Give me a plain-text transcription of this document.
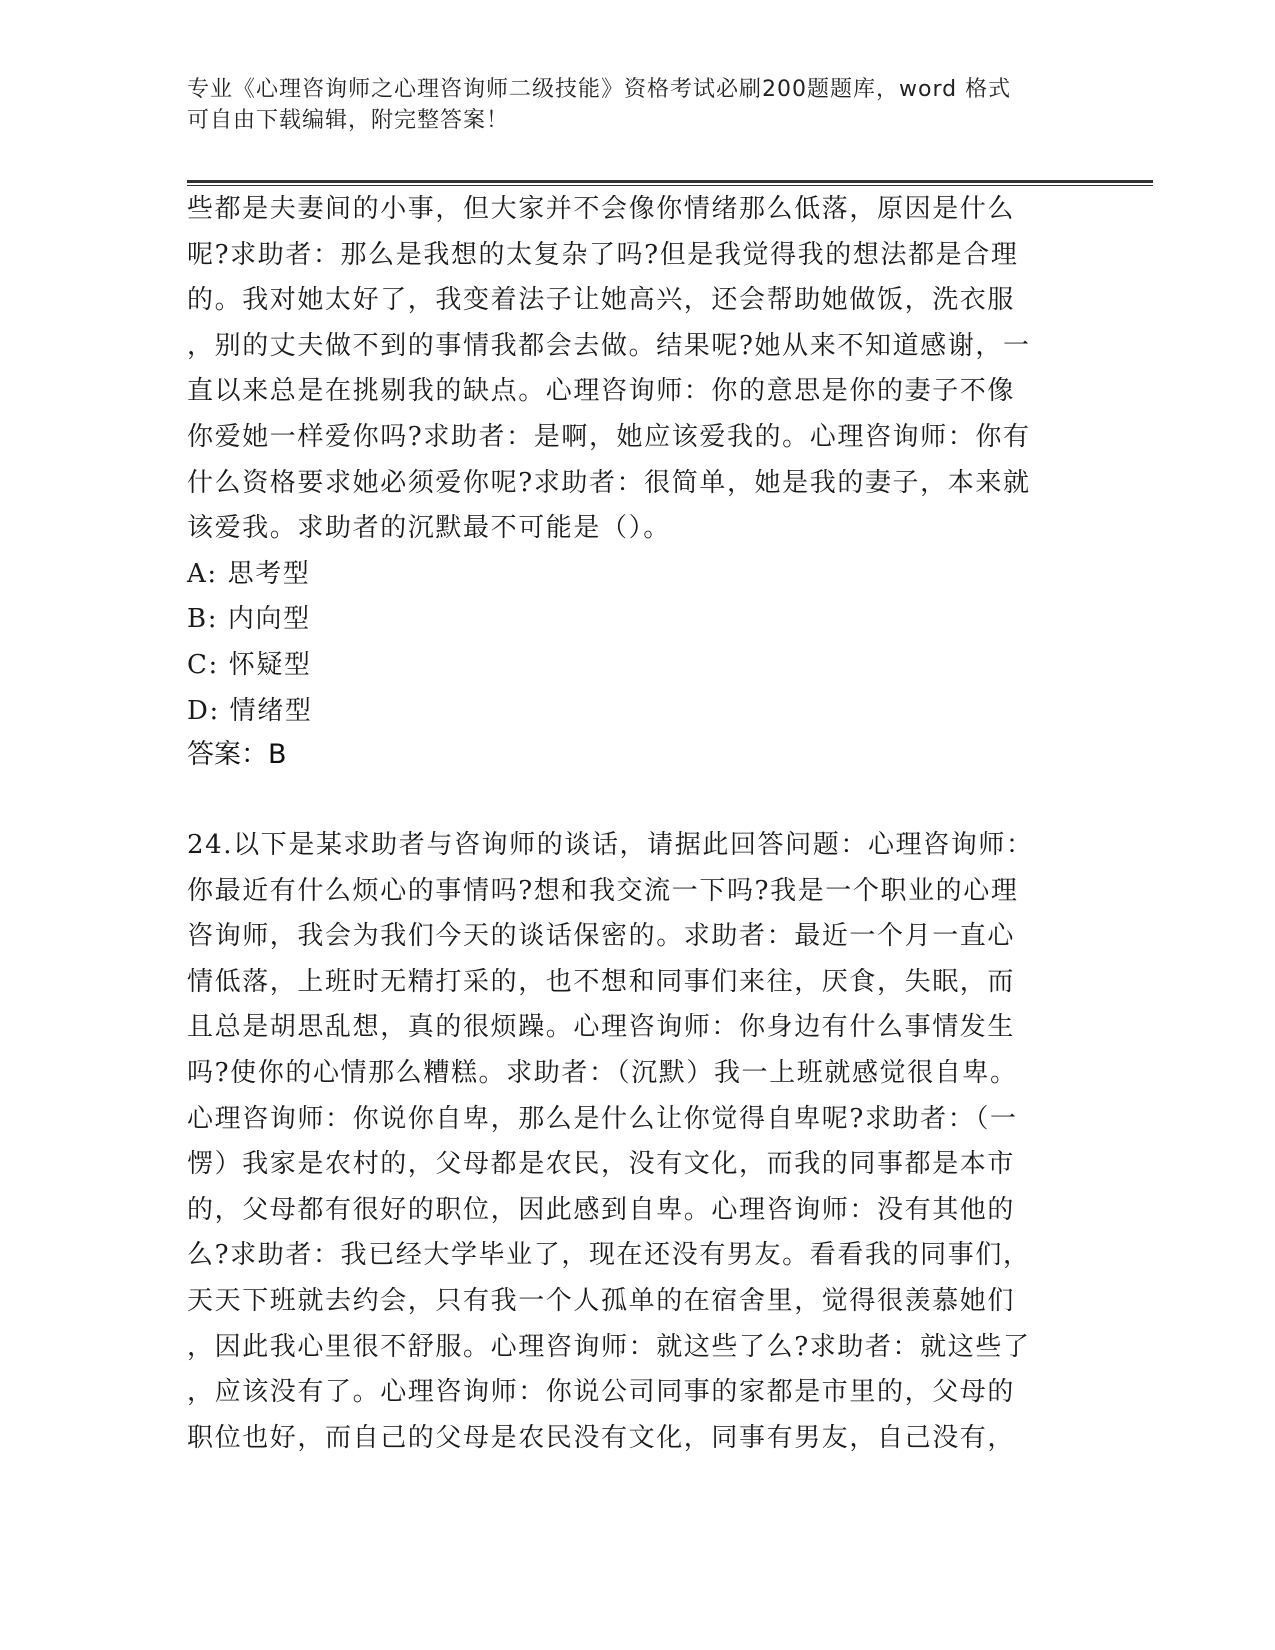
专业《心理咨询师之心理咨询师二级技能》资格考试必刷200题题库，word 格式
可自由下载编辑，附完整答案！
些都是夫妻间的小事，但大家并不会像你情绪那么低落，原因是什么
呢?求助者：那么是我想的太复杂了吗?但是我觉得我的想法都是合理
的。我对她太好了，我变着法子让她高兴，还会帮助她做饭，洗衣服
，别的丈夫做不到的事情我都会去做。结果呢?她从来不知道感谢，一
直以来总是在挑剔我的缺点。心理咨询师：你的意思是你的妻子不像
你爱她一样爱你吗?求助者：是啊，她应该爱我的。心理咨询师：你有
什么资格要求她必须爱你呢?求助者：很简单，她是我的妻子，本来就
该爱我。求助者的沉默最不可能是（）。
A: 思考型
B: 内向型
C: 怀疑型
D: 情绪型
答案：B
24.以下是某求助者与咨询师的谈话，请据此回答问题：心理咨询师：
你最近有什么烦心的事情吗?想和我交流一下吗?我是一个职业的心理
咨询师，我会为我们今天的谈话保密的。求助者：最近一个月一直心
情低落，上班时无精打采的，也不想和同事们来往，厌食，失眠，而
且总是胡思乱想，真的很烦躁。心理咨询师：你身边有什么事情发生
吗?使你的心情那么糟糕。求助者：（沉默）我一上班就感觉很自卑。
心理咨询师：你说你自卑，那么是什么让你觉得自卑呢?求助者：（一
愣）我家是农村的，父母都是农民，没有文化，而我的同事都是本市
的，父母都有很好的职位，因此感到自卑。心理咨询师：没有其他的
么?求助者：我已经大学毕业了，现在还没有男友。看看我的同事们，
天天下班就去约会，只有我一个人孤单的在宿舍里，觉得很羡慕她们
，因此我心里很不舒服。心理咨询师：就这些了么?求助者：就这些了
，应该没有了。心理咨询师：你说公司同事的家都是市里的，父母的
职位也好，而自己的父母是农民没有文化，同事有男友，自己没有，
